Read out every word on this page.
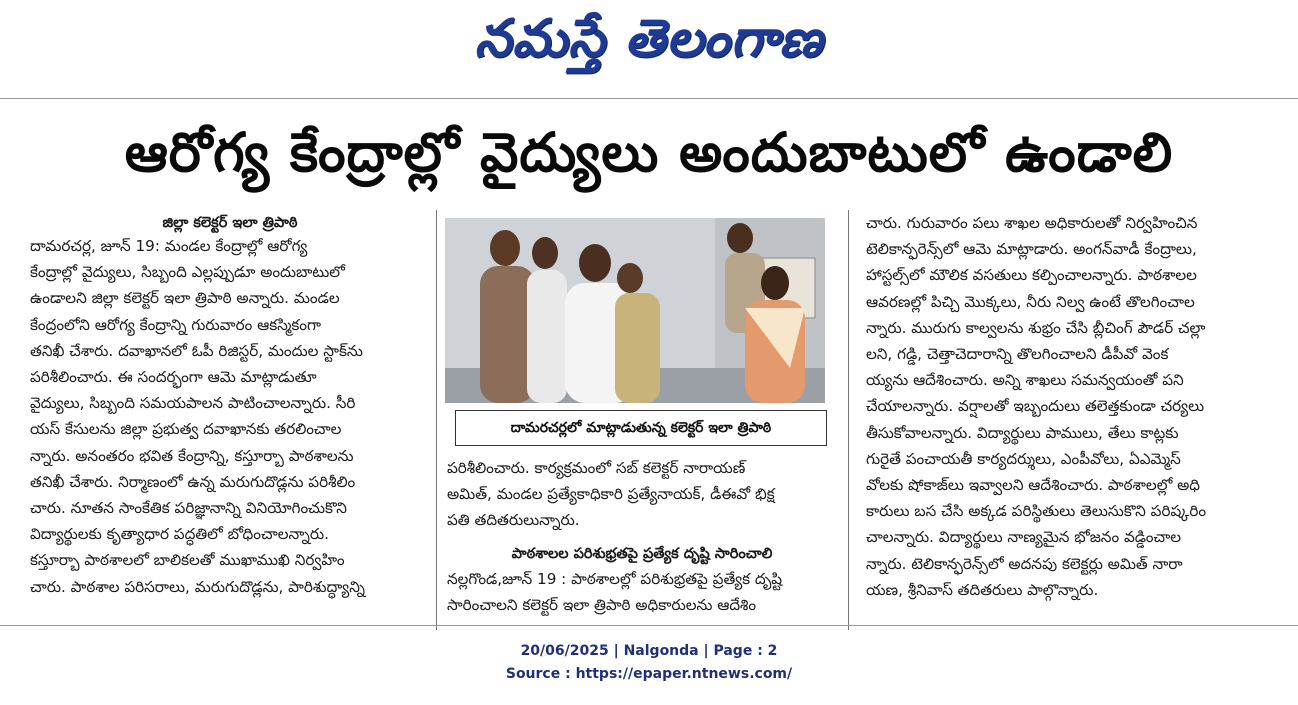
నమస్తే తెలంగాణ
ఆరోగ్య కేంద్రాల్లో వైద్యులు అందుబాటులో ఉండాలి
జిల్లా కలెక్టర్‌ ఇలా త్రిపాఠి

దామరచర్ల, జూన్‌ 19: మండల కేంద్రాల్లో ఆరోగ్య

కేంద్రాల్లో వైద్యులు, సిబ్బంది ఎల్లప్పుడూ అందుబాటులో

ఉండాలని జిల్లా కలెక్టర్‌ ఇలా త్రిపాఠి అన్నారు. మండల

కేంద్రంలోని ఆరోగ్య కేంద్రాన్ని గురువారం ఆకస్మికంగా

తనిఖీ చేశారు. దవాఖానలో ఓపీ రిజిస్టర్‌, మందుల స్టాక్‌ను

పరిశీలించారు. ఈ సందర్భంగా ఆమె మాట్లాడుతూ

వైద్యులు, సిబ్బంది సమయపాలన పాటించాలన్నారు. సీరి

యస్‌ కేసులను జిల్లా ప్రభుత్వ దవాఖానకు తరలించాల

న్నారు. అనంతరం భవిత కేంద్రాన్ని, కస్తూర్బా పాఠశాలను

తనిఖీ చేశారు. నిర్మాణంలో ఉన్న మరుగుదొడ్లను పరిశీలిం

చారు. నూతన సాంకేతిక పరిజ్ఞానాన్ని వినియోగించుకొని

విద్యార్థులకు కృత్యాధార పద్ధతిలో బోధించాలన్నారు.

కస్తూర్బా పాఠశాలలో బాలికలతో ముఖాముఖి నిర్వహిం

చారు. పాఠశాల పరిసరాలు, మరుగుదొడ్లను, పారిశుద్ధ్యాన్ని

దామరచర్లలో మాట్లాడుతున్న కలెక్టర్‌ ఇలా త్రిపాఠి

పరిశీలించారు. కార్యక్రమంలో సబ్‌ కలెక్టర్‌ నారాయణ్‌

అమిత్‌, మండల ప్రత్యేకాధికారి ప్రత్యేనాయక్‌, డీఈవో భిక్ష

పతి తదితరులున్నారు.

పాఠశాలల పరిశుభ్రతపై ప్రత్యేక దృష్టి సారించాలి

నల్లగొండ,జూన్‌ 19 : పాఠశాలల్లో పరిశుభ్రతపై ప్రత్యేక దృష్టి

సారించాలని కలెక్టర్‌ ఇలా త్రిపాఠి అధికారులను ఆదేశిం

చారు. గురువారం పలు శాఖల అధికారులతో నిర్వహించిన

టెలికాన్ఫరెన్స్‌లో ఆమె మాట్లాడారు. అంగన్‌వాడీ కేంద్రాలు,

హాస్టల్స్‌లో మౌలిక వసతులు కల్పించాలన్నారు. పాఠశాలల

ఆవరణల్లో పిచ్చి మొక్కలు, నీరు నిల్వ ఉంటే తొలగించాల

న్నారు. మురుగు కాల్వలను శుభ్రం చేసి బ్లీచింగ్‌ పౌడర్‌ చల్లా

లని, గడ్డి, చెత్తాచెదారాన్ని తొలగించాలని డీపీవో వెంక

య్యను ఆదేశించారు. అన్ని శాఖలు సమన్వయంతో పని

చేయాలన్నారు. వర్షాలతో ఇబ్బందులు తలెత్తకుండా చర్యలు

తీసుకోవాలన్నారు. విద్యార్థులు పాములు, తేలు కాట్లకు

గురైతే పంచాయతీ కార్యదర్శులు, ఎంపీవోలు, ఏఎమ్మెస్‌

వోలకు షోకాజ్‌లు ఇవ్వాలని ఆదేశించారు. పాఠశాలల్లో అధి

కారులు బస చేసి అక్కడ పరిస్థితులు తెలుసుకొని పరిష్కరిం

చాలన్నారు. విద్యార్థులు నాణ్యమైన భోజనం వడ్డించాల

న్నారు. టెలికాన్ఫరెన్స్‌లో అదనపు కలెక్టర్లు అమిత్‌ నారా

యణ, శ్రీనివాస్‌ తదితరులు పాల్గొన్నారు.

20/06/2025 | Nalgonda | Page : 2
Source : https://epaper.ntnews.com/
